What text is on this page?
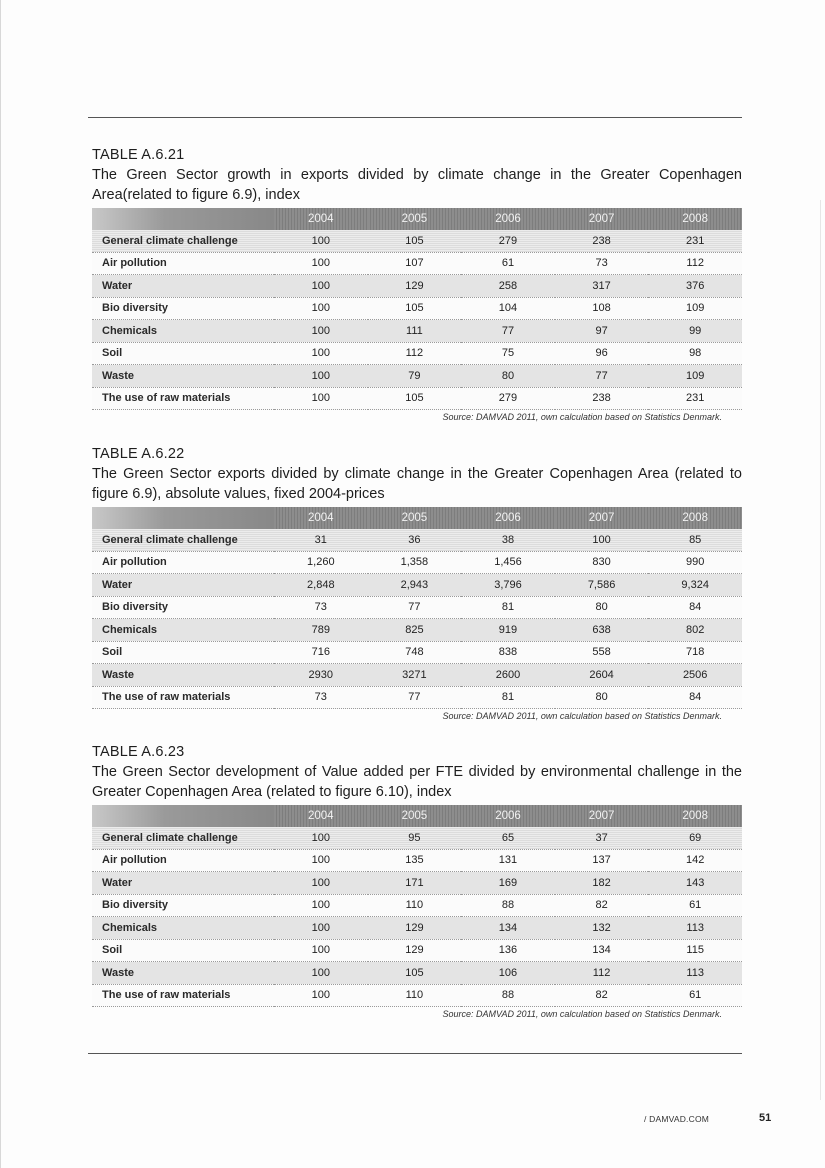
TABLE A.6.21
The Green Sector growth in exports divided by climate change in the Greater Copenhagen Area(related to figure 6.9), index
	2004	2005	2006	2007	2008
General climate challenge	100	105	279	238	231
Air pollution	100	107	61	73	112
Water	100	129	258	317	376
Bio diversity	100	105	104	108	109
Chemicals	100	111	77	97	99
Soil	100	112	75	96	98
Waste	100	79	80	77	109
The use of raw materials	100	105	279	238	231
Source: DAMVAD 2011, own calculation based on Statistics Denmark.
TABLE A.6.22
The Green Sector exports divided by climate change in the Greater Copenhagen Area (related to figure 6.9), absolute values, fixed 2004-prices
	2004	2005	2006	2007	2008
General climate challenge	31	36	38	100	85
Air pollution	1,260	1,358	1,456	830	990
Water	2,848	2,943	3,796	7,586	9,324
Bio diversity	73	77	81	80	84
Chemicals	789	825	919	638	802
Soil	716	748	838	558	718
Waste	2930	3271	2600	2604	2506
The use of raw materials	73	77	81	80	84
Source: DAMVAD 2011, own calculation based on Statistics Denmark.
TABLE A.6.23
The Green Sector development of Value added per FTE divided by environmental challenge in the Greater Copenhagen Area (related to figure 6.10), index
	2004	2005	2006	2007	2008
General climate challenge	100	95	65	37	69
Air pollution	100	135	131	137	142
Water	100	171	169	182	143
Bio diversity	100	110	88	82	61
Chemicals	100	129	134	132	113
Soil	100	129	136	134	115
Waste	100	105	106	112	113
The use of raw materials	100	110	88	82	61
Source: DAMVAD 2011, own calculation based on Statistics Denmark.
/ DAMVAD.COM	51
